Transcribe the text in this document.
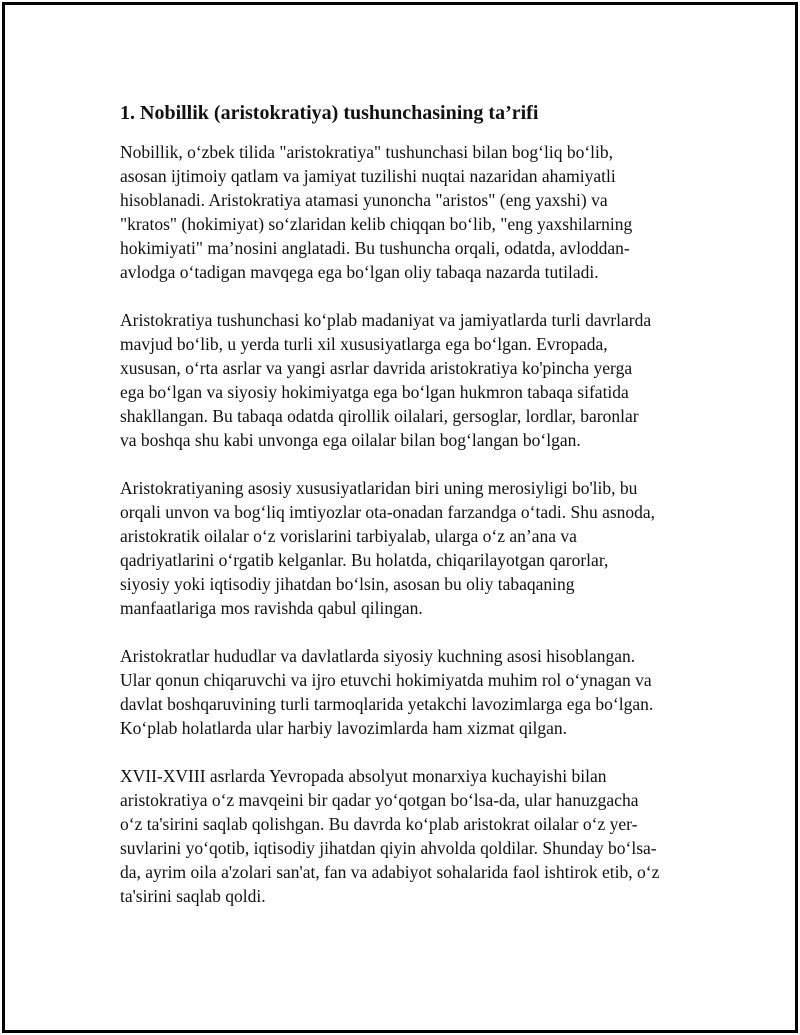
1. Nobillik (aristokratiya) tushunchasining ta’rifi

Nobillik, o‘zbek tilida "aristokratiya" tushunchasi bilan bog‘liq bo‘lib,
asosan ijtimoiy qatlam va jamiyat tuzilishi nuqtai nazaridan ahamiyatli
hisoblanadi. Aristokratiya atamasi yunoncha "aristos" (eng yaxshi) va
"kratos" (hokimiyat) so‘zlaridan kelib chiqqan bo‘lib, "eng yaxshilarning
hokimiyati" ma’nosini anglatadi. Bu tushuncha orqali, odatda, avloddan-
avlodga o‘tadigan mavqega ega bo‘lgan oliy tabaqa nazarda tutiladi.

Aristokratiya tushunchasi ko‘plab madaniyat va jamiyatlarda turli davrlarda
mavjud bo‘lib, u yerda turli xil xususiyatlarga ega bo‘lgan. Evropada,
xususan, o‘rta asrlar va yangi asrlar davrida aristokratiya ko'pincha yerga
ega bo‘lgan va siyosiy hokimiyatga ega bo‘lgan hukmron tabaqa sifatida
shakllangan. Bu tabaqa odatda qirollik oilalari, gersoglar, lordlar, baronlar
va boshqa shu kabi unvonga ega oilalar bilan bog‘langan bo‘lgan.

Aristokratiyaning asosiy xususiyatlaridan biri uning merosiyligi bo'lib, bu
orqali unvon va bog‘liq imtiyozlar ota-onadan farzandga o‘tadi. Shu asnoda,
aristokratik oilalar o‘z vorislarini tarbiyalab, ularga o‘z an’ana va
qadriyatlarini o‘rgatib kelganlar. Bu holatda, chiqarilayotgan qarorlar,
siyosiy yoki iqtisodiy jihatdan bo‘lsin, asosan bu oliy tabaqaning
manfaatlariga mos ravishda qabul qilingan.

Aristokratlar hududlar va davlatlarda siyosiy kuchning asosi hisoblangan.
Ular qonun chiqaruvchi va ijro etuvchi hokimiyatda muhim rol o‘ynagan va
davlat boshqaruvining turli tarmoqlarida yetakchi lavozimlarga ega bo‘lgan.
Ko‘plab holatlarda ular harbiy lavozimlarda ham xizmat qilgan.

XVII-XVIII asrlarda Yevropada absolyut monarxiya kuchayishi bilan
aristokratiya o‘z mavqeini bir qadar yo‘qotgan bo‘lsa-da, ular hanuzgacha
o‘z ta'sirini saqlab qolishgan. Bu davrda ko‘plab aristokrat oilalar o‘z yer-
suvlarini yo‘qotib, iqtisodiy jihatdan qiyin ahvolda qoldilar. Shunday bo‘lsa-
da, ayrim oila a'zolari san'at, fan va adabiyot sohalarida faol ishtirok etib, o‘z
ta'sirini saqlab qoldi.
